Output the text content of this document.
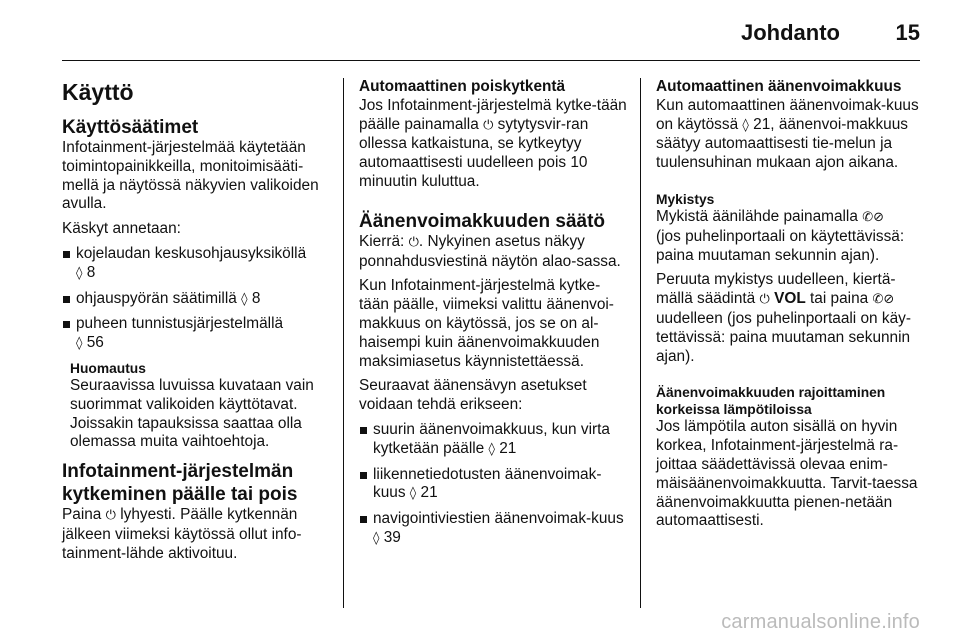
Johdanto	15
Käyttö
Käyttösäätimet

Infotainment-järjestelmää käytetään toimintopainikkeilla, monitoimisääti-mellä ja näytössä näkyvien valikoiden avulla.

Käskyt annetaan:

kojelaudan keskusohjausyksiköllä
◊ 8
ohjauspyörän säätimillä ◊ 8
puheen tunnistusjärjestelmällä
◊ 56
Huomautus
Seuraavissa luvuissa kuvataan vain suorimmat valikoiden käyttötavat. Joissakin tapauksissa saattaa olla olemassa muita vaihtoehtoja.
Infotainment-järjestelmän kytkeminen päälle tai pois

Paina ⏻ lyhyesti. Päälle kytkennän jälkeen viimeksi käytössä ollut info-tainment-lähde aktivoituu.

Automaattinen poiskytkentä

Jos Infotainment-järjestelmä kytke-tään päälle painamalla ⏻ sytytysvir-ran ollessa katkaistuna, se kytkeytyy automaattisesti uudelleen pois 10 minuutin kuluttua.

Äänenvoimakkuuden säätö

Kierrä: ⏻. Nykyinen asetus näkyy ponnahdusviestinä näytön alao-sassa.

Kun Infotainment-järjestelmä kytke-tään päälle, viimeksi valittu äänenvoi-makkuus on käytössä, jos se on al-haisempi kuin äänenvoimakkuuden maksimiasetus käynnistettäessä.

Seuraavat äänensävyn asetukset voidaan tehdä erikseen:

suurin äänenvoimakkuus, kun virta kytketään päälle ◊ 21
liikennetiedotusten äänenvoimak-kuus ◊ 21
navigointiviestien äänenvoimak-kuus ◊ 39
Automaattinen äänenvoimakkuus

Kun automaattinen äänenvoimak-kuus on käytössä ◊ 21, äänenvoi-makkuus säätyy automaattisesti tie-melun ja tuulensuhinan mukaan ajon aikana.

Mykistys

Mykistä äänilähde painamalla ✆⊘
(jos puhelinportaali on käytettävissä: paina muutaman sekunnin ajan).

Peruuta mykistys uudelleen, kiertä-mällä säädintä ⏻ VOL tai paina ✆⊘ uudelleen (jos puhelinportaali on käy-tettävissä: paina muutaman sekunnin ajan).

Äänenvoimakkuuden rajoittaminen korkeissa lämpötiloissa

Jos lämpötila auton sisällä on hyvin korkea, Infotainment-järjestelmä ra-joittaa säädettävissä olevaa enim-mäisäänenvoimakkuutta. Tarvit-taessa äänenvoimakkuutta pienen-netään automaattisesti.

carmanualsonline.info
